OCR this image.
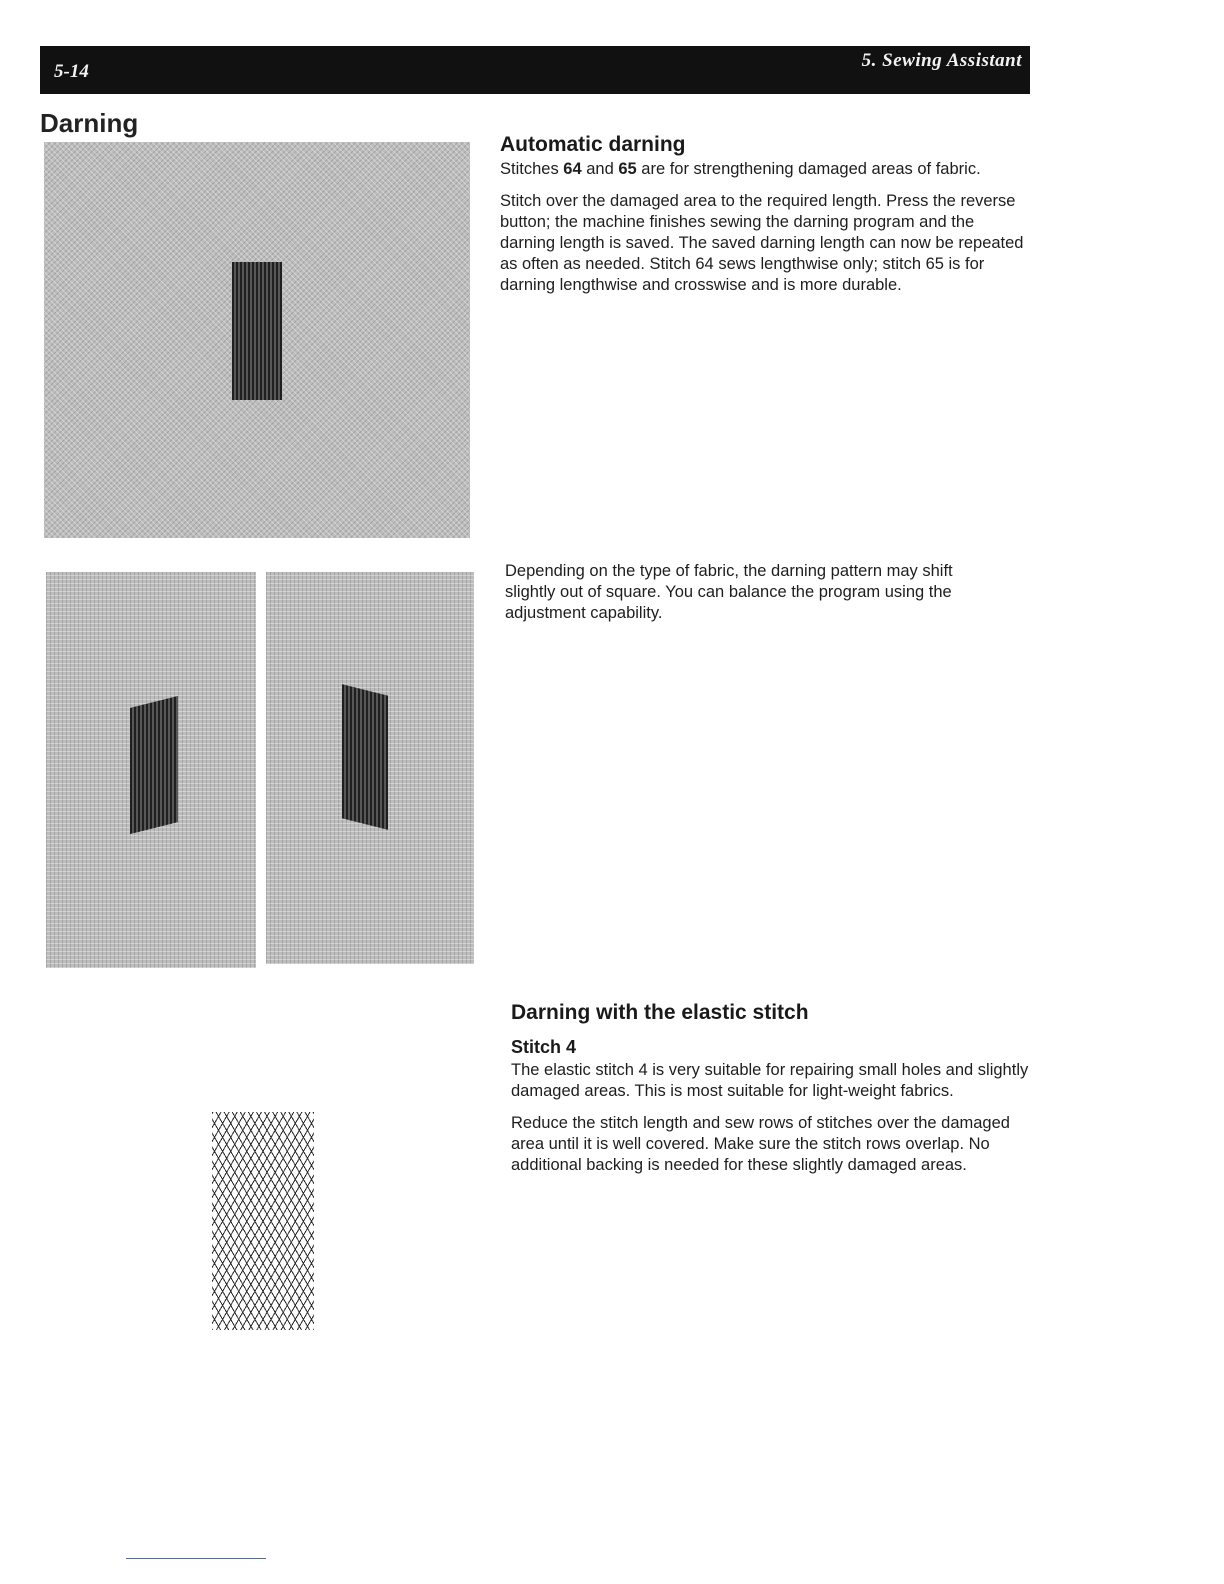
5-14
5. Sewing Assistant
Darning
Automatic darning

Stitches 64 and 65 are for strengthening damaged areas of fabric.

Stitch over the damaged area to the required length. Press the reverse button; the machine finishes sewing the darning program and the darning length is saved. The saved darning length can now be repeated as often as needed. Stitch 64 sews lengthwise only; stitch 65 is for darning lengthwise and crosswise and is more durable.

Depending on the type of fabric, the darning pattern may shift slightly out of square. You can balance the program using the adjustment capability.

Darning with the elastic stitch
Stitch 4

The elastic stitch 4 is very suitable for repairing small holes and slightly damaged areas. This is most suitable for light-weight fabrics.

Reduce the stitch length and sew rows of stitches over the damaged area until it is well covered. Make sure the stitch rows overlap. No additional backing is needed for these slightly damaged areas.
